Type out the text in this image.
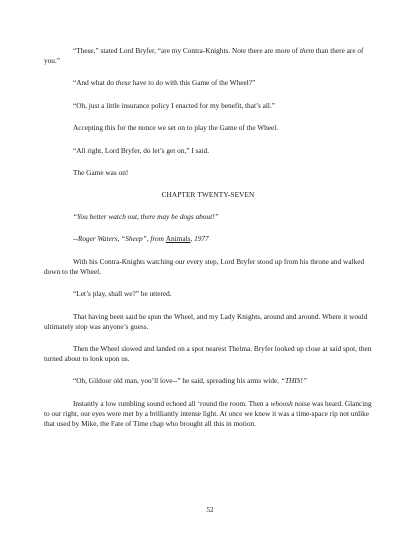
“These,” stated Lord Bryfer, “are my Contra-Knights. Note there are more of them than there are of you.”

“And what do these have to do with this Game of the Wheel?”

“Oh, just a little insurance policy I enacted for my benefit, that’s all.”

Accepting this for the nonce we set on to play the Game of the Wheel.

“All right, Lord Bryfer, do let’s get on,” I said.

The Game was on!

CHAPTER TWENTY-SEVEN

“You better watch out, there may be dogs about!”

--Roger Waters, “Sheep”, from Animals, 1977

With his Contra-Knights watching our every step, Lord Bryfer stood up from his throne and walked down to the Wheel.

“Let’s play, shall we?” he uttered.

That having been said he spun the Wheel, and my Lady Knights, around and around. Where it would ultimately stop was anyone’s guess.

Then the Wheel slowed and landed on a spot nearest Thelma. Bryfer looked up close at said spot, then turned about to look upon us.

“Oh, Gildour old man, you’ll love--” he said, spreading his arms wide, “THIS!”

Instantly a low rumbling sound echoed all ‘round the room. Then a whoosh noise was heard. Glancing to our right, our eyes were met by a brilliantly intense light. At once we knew it was a time-space rip not unlike that used by Mike, the Fate of Time chap who brought all this in motion.

52
